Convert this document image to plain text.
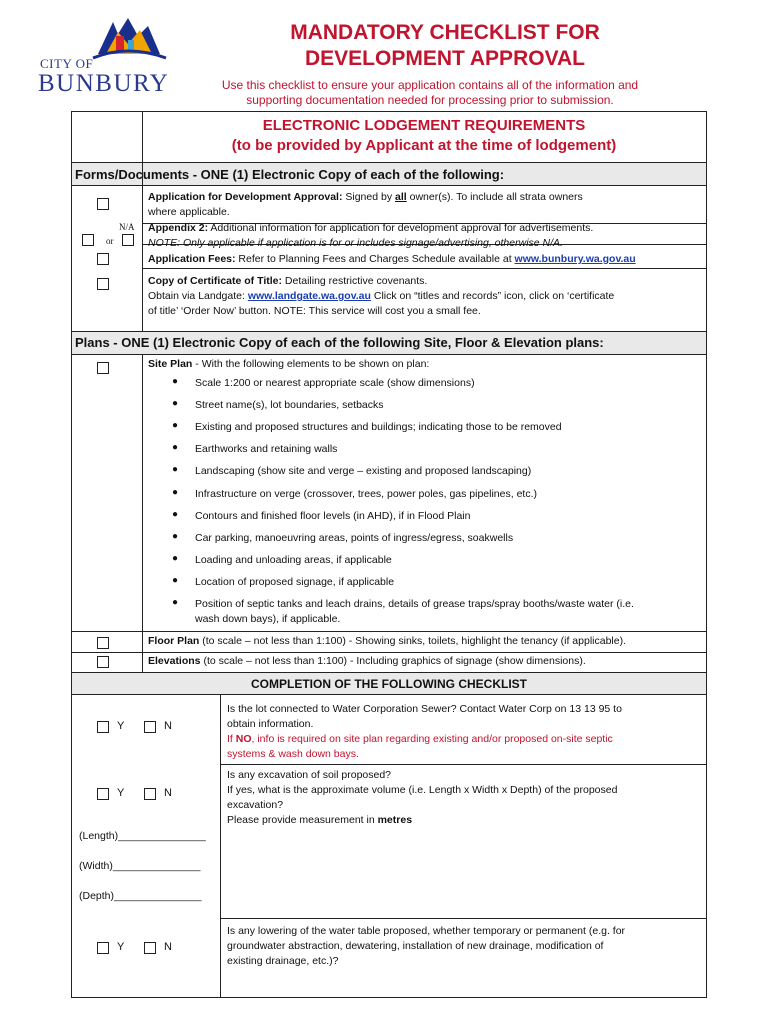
CITY OF
BUNBURY
MANDATORY CHECKLIST FOR
DEVELOPMENT APPROVAL
Use this checklist to ensure your application contains all of the information and
supporting documentation needed for processing prior to submission.
ELECTRONIC LODGEMENT REQUIREMENTS
(to be provided by Applicant at the time of lodgement)
Forms/Documents - ONE (1) Electronic Copy of each of the following:
N/A
or
Application for Development Approval: Signed by all owner(s). To include all strata owners
where applicable.
Appendix 2: Additional information for application for development approval for advertisements.
NOTE: Only applicable if application is for or includes signage/advertising, otherwise N/A.
Application Fees: Refer to Planning Fees and Charges Schedule available at www.bunbury.wa.gov.au
Copy of Certificate of Title: Detailing restrictive covenants.
Obtain via Landgate: www.landgate.wa.gov.au Click on “titles and records” icon, click on ‘certificate
of title’ ‘Order Now’ button. NOTE: This service will cost you a small fee.
Plans - ONE (1) Electronic Copy of each of the following Site, Floor & Elevation plans:
Site Plan - With the following elements to be shown on plan:
● Scale 1:200 or nearest appropriate scale (show dimensions)
● Street name(s), lot boundaries, setbacks
● Existing and proposed structures and buildings; indicating those to be removed
● Earthworks and retaining walls
● Landscaping (show site and verge – existing and proposed landscaping)
● Infrastructure on verge (crossover, trees, power poles, gas pipelines, etc.)
● Contours and finished floor levels (in AHD), if in Flood Plain
● Car parking, manoeuvring areas, points of ingress/egress, soakwells
● Loading and unloading areas, if applicable
● Location of proposed signage, if applicable
● Position of septic tanks and leach drains, details of grease traps/spray booths/waste water (i.e.
wash down bays), if applicable.
Floor Plan (to scale – not less than 1:100) - Showing sinks, toilets, highlight the tenancy (if applicable).
Elevations (to scale – not less than 1:100) - Including graphics of signage (show dimensions).
COMPLETION OF THE FOLLOWING CHECKLIST
Y	N
Is the lot connected to Water Corporation Sewer? Contact Water Corp on 13 13 95 to
obtain information.
If NO, info is required on site plan regarding existing and/or proposed on-site septic
systems & wash down bays.
Y	N
Is any excavation of soil proposed?
If yes, what is the approximate volume (i.e. Length x Width x Depth) of the proposed
excavation?
Please provide measurement in metres
(Length)_______________
(Width)_______________
(Depth)_______________
Y	N
Is any lowering of the water table proposed, whether temporary or permanent (e.g. for
groundwater abstraction, dewatering, installation of new drainage, modification of
existing drainage, etc.)?
